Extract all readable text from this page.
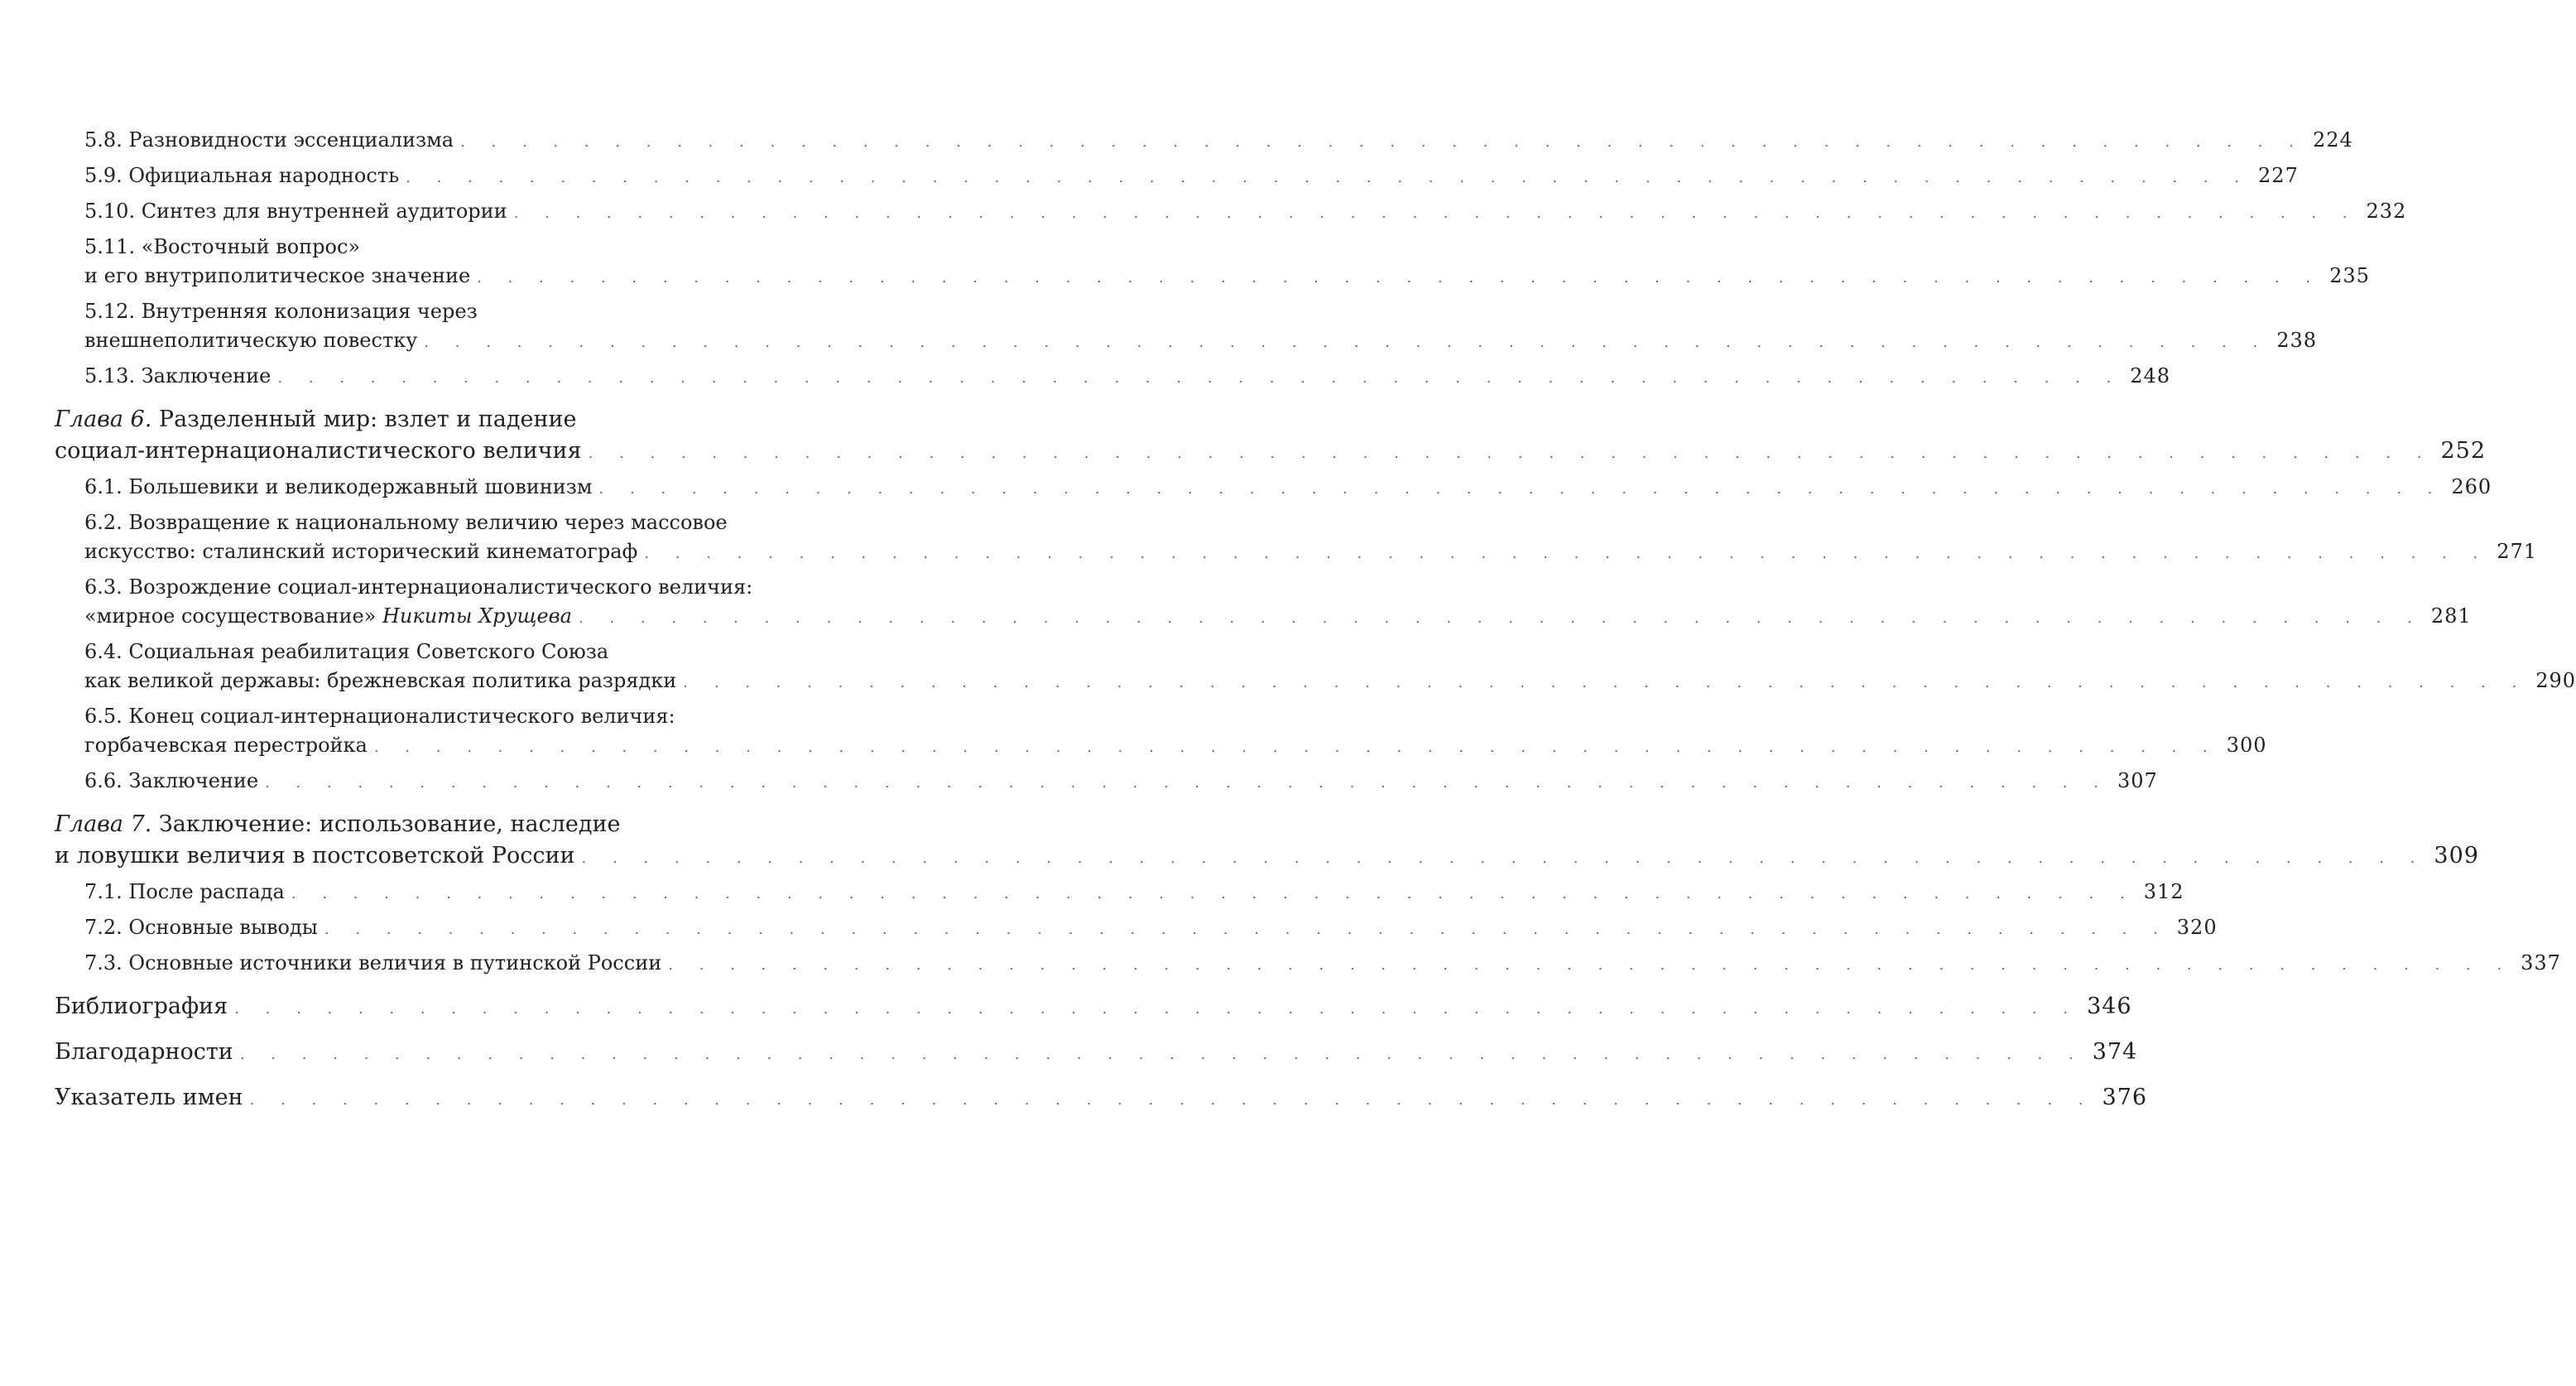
5.8. Разновидности эссенциализма . . . . . . . . . . . . . . . . . . . . . . . . . . . . . . . . . . . . . . . . . . . . . . . . . . . . . . . . . . . . 224
5.9. Официальная народность . . . . . . . . . . . . . . . . . . . . . . . . . . . . . . . . . . . . . . . . . . . . . . . . . . . . . . . . . . . . 227
5.10. Синтез для внутренней аудитории . . . . . . . . . . . . . . . . . . . . . . . . . . . . . . . . . . . . . . . . . . . . . . . . . . . . . . . . . . . . 232
5.11. «Восточный вопрос»
и его внутриполитическое значение . . . . . . . . . . . . . . . . . . . . . . . . . . . . . . . . . . . . . . . . . . . . . . . . . . . . . . . . . . . . 235
5.12. Внутренняя колонизация через
внешнеполитическую повестку . . . . . . . . . . . . . . . . . . . . . . . . . . . . . . . . . . . . . . . . . . . . . . . . . . . . . . . . . . . . 238
5.13. Заключение . . . . . . . . . . . . . . . . . . . . . . . . . . . . . . . . . . . . . . . . . . . . . . . . . . . . . . . . . . . . 248
Глава 6. Разделенный мир: взлет и падение
социал-интернационалистического величия . . . . . . . . . . . . . . . . . . . . . . . . . . . . . . . . . . . . . . . . . . . . . . . . . . . . . . . . . . . . 252
6.1. Большевики и великодержавный шовинизм . . . . . . . . . . . . . . . . . . . . . . . . . . . . . . . . . . . . . . . . . . . . . . . . . . . . . . . . . . . . 260
6.2. Возвращение к национальному величию через массовое
искусство: сталинский исторический кинематограф . . . . . . . . . . . . . . . . . . . . . . . . . . . . . . . . . . . . . . . . . . . . . . . . . . . . . . . . . . . . 271
6.3. Возрождение социал-интернационалистического величия:
«мирное сосуществование» Никиты Хрущева . . . . . . . . . . . . . . . . . . . . . . . . . . . . . . . . . . . . . . . . . . . . . . . . . . . . . . . . . . . . 281
6.4. Социальная реабилитация Советского Союза
как великой державы: брежневская политика разрядки . . . . . . . . . . . . . . . . . . . . . . . . . . . . . . . . . . . . . . . . . . . . . . . . . . . . . . . . . . . . 290
6.5. Конец социал-интернационалистического величия:
горбачевская перестройка . . . . . . . . . . . . . . . . . . . . . . . . . . . . . . . . . . . . . . . . . . . . . . . . . . . . . . . . . . . . 300
6.6. Заключение . . . . . . . . . . . . . . . . . . . . . . . . . . . . . . . . . . . . . . . . . . . . . . . . . . . . . . . . . . . . 307
Глава 7. Заключение: использование, наследие
и ловушки величия в постсоветской России . . . . . . . . . . . . . . . . . . . . . . . . . . . . . . . . . . . . . . . . . . . . . . . . . . . . . . . . . . . . 309
7.1. После распада . . . . . . . . . . . . . . . . . . . . . . . . . . . . . . . . . . . . . . . . . . . . . . . . . . . . . . . . . . . . 312
7.2. Основные выводы . . . . . . . . . . . . . . . . . . . . . . . . . . . . . . . . . . . . . . . . . . . . . . . . . . . . . . . . . . . . 320
7.3. Основные источники величия в путинской России . . . . . . . . . . . . . . . . . . . . . . . . . . . . . . . . . . . . . . . . . . . . . . . . . . . . . . . . . . . . 337
Библиография . . . . . . . . . . . . . . . . . . . . . . . . . . . . . . . . . . . . . . . . . . . . . . . . . . . . . . . . . . . . 346
Благодарности . . . . . . . . . . . . . . . . . . . . . . . . . . . . . . . . . . . . . . . . . . . . . . . . . . . . . . . . . . . . 374
Указатель имен . . . . . . . . . . . . . . . . . . . . . . . . . . . . . . . . . . . . . . . . . . . . . . . . . . . . . . . . . . . . 376
